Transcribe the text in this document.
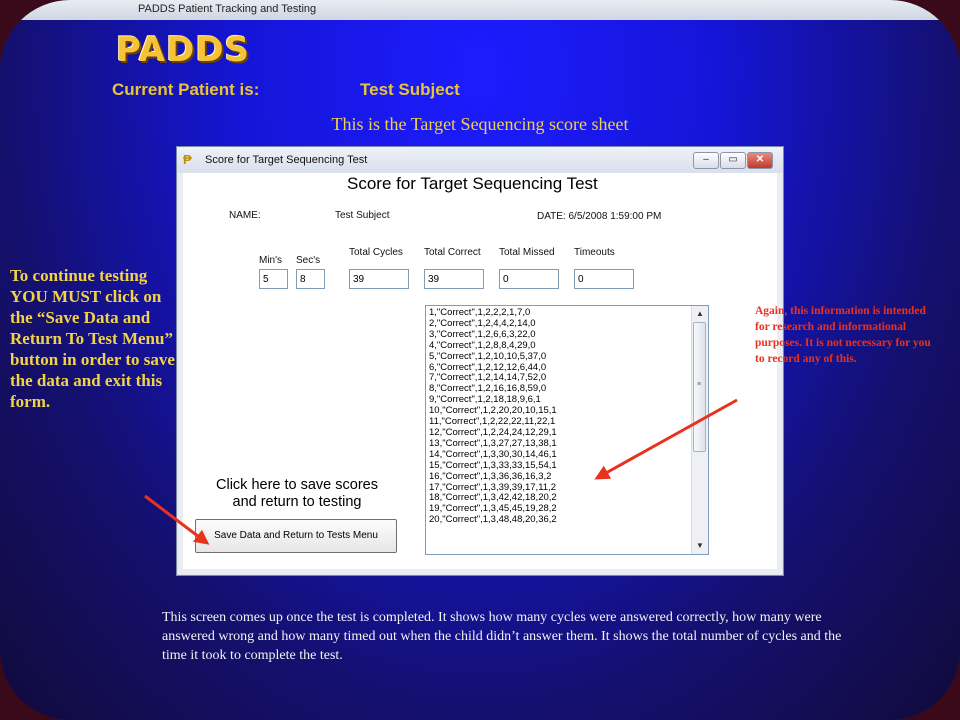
PADDS Patient Tracking and Testing
PADDS
Current Patient is:	Test Subject
This is the Target Sequencing score sheet
₱ Score for Target Sequencing Test	–	▭	✕
Score for Target Sequencing Test
NAME:	Test Subject	DATE: 6/5/2008 1:59:00 PM
Min's
5
Sec's
8
Total Cycles
39
Total Correct
39
Total Missed
0
Timeouts
0
1,"Correct",1,2,2,2,1,7,0
2,"Correct",1,2,4,4,2,14,0
3,"Correct",1,2,6,6,3,22,0
4,"Correct",1,2,8,8,4,29,0
5,"Correct",1,2,10,10,5,37,0
6,"Correct",1,2,12,12,6,44,0
7,"Correct",1,2,14,14,7,52,0
8,"Correct",1,2,16,16,8,59,0
9,"Correct",1,2,18,18,9,6,1
10,"Correct",1,2,20,20,10,15,1
11,"Correct",1,2,22,22,11,22,1
12,"Correct",1,2,24,24,12,29,1
13,"Correct",1,3,27,27,13,38,1
14,"Correct",1,3,30,30,14,46,1
15,"Correct",1,3,33,33,15,54,1
16,"Correct",1,3,36,36,16,3,2
17,"Correct",1,3,39,39,17,11,2
18,"Correct",1,3,42,42,18,20,2
19,"Correct",1,3,45,45,19,28,2
20,"Correct",1,3,48,48,20,36,2
▲
≡
▼
Click here to save scores
and return to testing
Save Data and Return to Tests Menu
To continue testing YOU MUST click on the “Save Data and Return To Test Menu” button in order to save the data and exit this form.
Again, this information is intended for research and informational purposes. It is not necessary for you to record any of this.
This screen comes up once the test is completed. It shows how many cycles were answered correctly, how many were answered wrong and how many timed out when the child didn’t answer them. It shows the total number of cycles and the time it took to complete the test.
